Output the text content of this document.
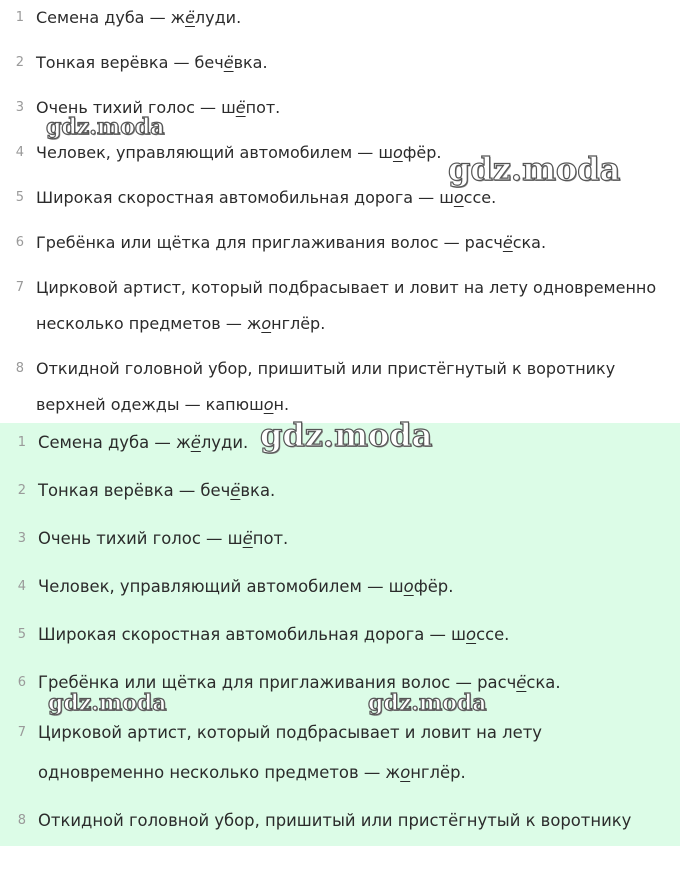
1 Семена дуба — жёлуди.
2 Тонкая верёвка — бечёвка.
3 Очень тихий голос — шёпот.
4 Человек, управляющий автомобилем — шофёр.
5 Широкая скоростная автомобильная дорога — шоссе.
6 Гребёнка или щётка для приглаживания волос — расчёска.
7 Цирковой артист, который подбрасывает и ловит на лету одновременно несколько предметов — жонглёр.
8 Откидной головной убор, пришитый или пристёгнутый к воротнику верхней одежды — капюшон.
1 Семена дуба — жёлуди.
2 Тонкая верёвка — бечёвка.
3 Очень тихий голос — шёпот.
4 Человек, управляющий автомобилем — шофёр.
5 Широкая скоростная автомобильная дорога — шоссе.
6 Гребёнка или щётка для приглаживания волос — расчёска.
7 Цирковой артист, который подбрасывает и ловит на лету одновременно несколько предметов — жонглёр.
8 Откидной головной убор, пришитый или пристёгнутый к воротнику
gdz.moda
gdz.moda
gdz.moda
gdz.moda	gdz.moda
